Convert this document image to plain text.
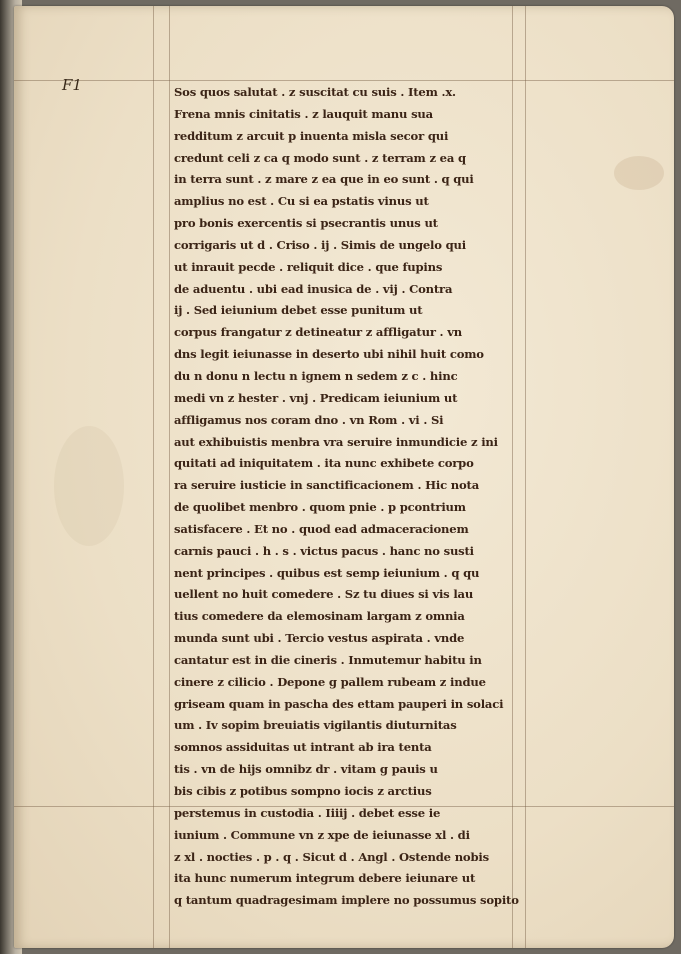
F1	Sos quos salutat . z suscitat cu suis . Item .x.
Frena mnis cinitatis . z lauquit manu sua
redditum z arcuit p inuenta misla secor qui
credunt celi z ca q modo sunt . z terram z ea q
in terra sunt . z mare z ea que in eo sunt . q qui
amplius no est . Cu si ea pstatis vinus ut
pro bonis exercentis si psecrantis unus ut
corrigaris ut d . Criso . ij . Simis de ungelo qui
ut inrauit pecde . reliquit dice . que fupins
de aduentu . ubi ead inusica de . vij . Contra
ij . Sed ieiunium debet esse punitum ut
corpus frangatur z detineatur z affligatur . vn
dns legit ieiunasse in deserto ubi nihil huit como
du n donu n lectu n ignem n sedem z c . hinc
medi vn z hester . vnj . Predicam ieiunium ut
affligamus nos coram dno . vn Rom . vi . Si
aut exhibuistis menbra vra seruire inmundicie z ini
quitati ad iniquitatem . ita nunc exhibete corpo
ra seruire iusticie in sanctificacionem . Hic nota
de quolibet menbro . quom pnie . p pcontrium
satisfacere . Et no . quod ead admaceracionem
carnis pauci . h . s . victus pacus . hanc no susti
nent principes . quibus est semp ieiunium . q qu
uellent no huit comedere . Sz tu diues si vis lau
tius comedere da elemosinam largam z omnia
munda sunt ubi . Tercio vestus aspirata . vnde
cantatur est in die cineris . Inmutemur habitu in
cinere z cilicio . Depone g pallem rubeam z indue
griseam quam in pascha des ettam pauperi in solaci
um . Iv sopim breuiatis vigilantis diuturnitas
somnos assiduitas ut intrant ab ira tenta
tis . vn de hijs omnibz dr . vitam g pauis u
bis cibis z potibus sompno iocis z arctius
perstemus in custodia . Iiiij . debet esse ie
iunium . Commune vn z xpe de ieiunasse xl . di
z xl . nocties . p . q . Sicut d . Angl . Ostende nobis
ita hunc numerum integrum debere ieiunare ut
q tantum quadragesimam implere no possumus sopito
